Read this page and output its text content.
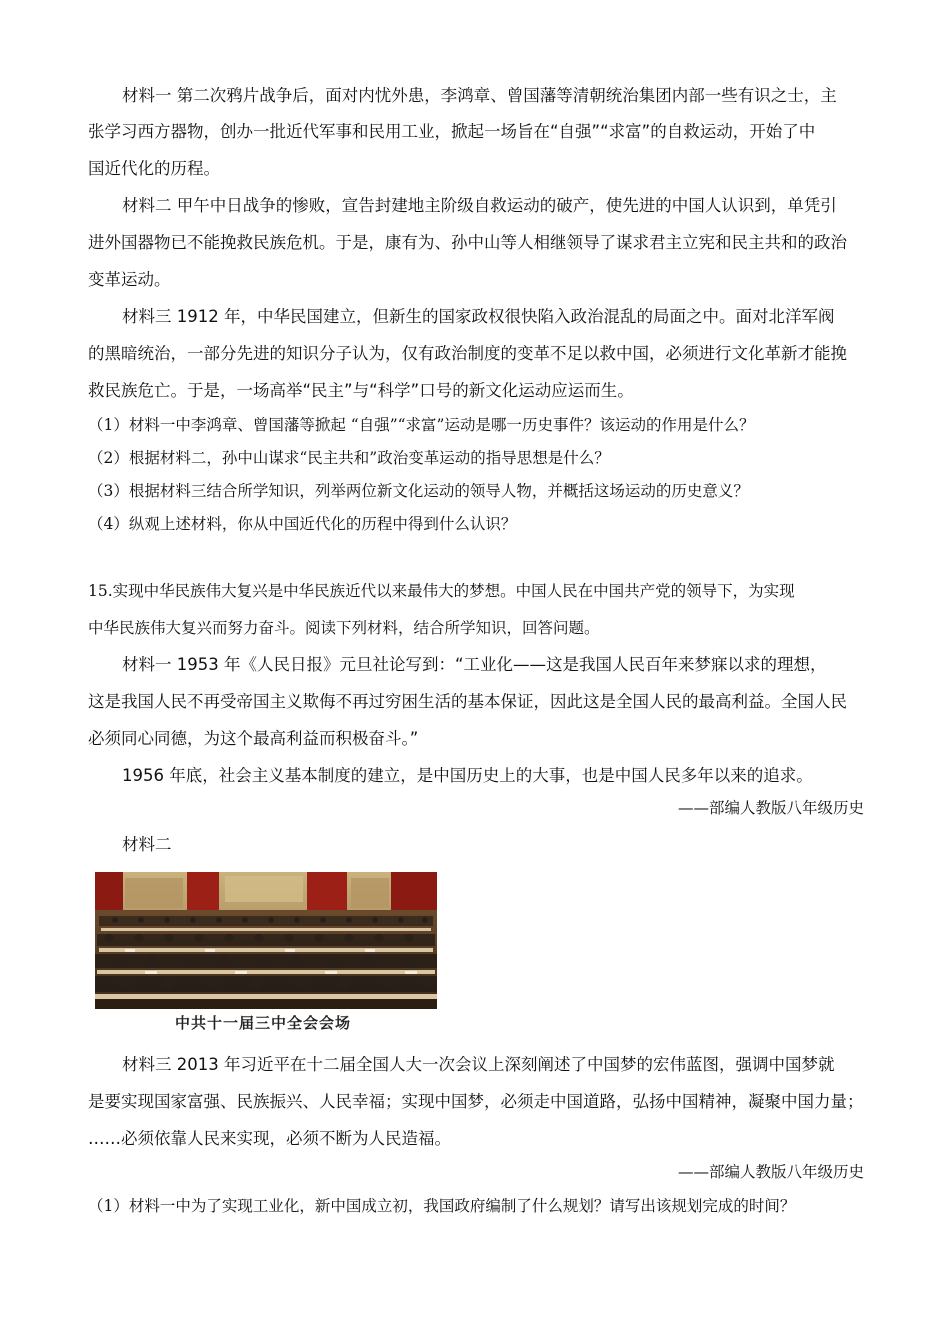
材料一 第二次鸦片战争后，面对内忧外患，李鸿章、曾国藩等清朝统治集团内部一些有识之士，主
张学习西方器物，创办一批近代军事和民用工业，掀起一场旨在“自强”“求富”的自救运动，开始了中
国近代化的历程。
材料二 甲午中日战争的惨败，宣告封建地主阶级自救运动的破产，使先进的中国人认识到，单凭引
进外国器物已不能挽救民族危机。于是，康有为、孙中山等人相继领导了谋求君主立宪和民主共和的政治
变革运动。
材料三 1912 年，中华民国建立，但新生的国家政权很快陷入政治混乱的局面之中。面对北洋军阀
的黑暗统治，一部分先进的知识分子认为，仅有政治制度的变革不足以救中国，必须进行文化革新才能挽
救民族危亡。于是，一场高举“民主”与“科学”口号的新文化运动应运而生。
（1）材料一中李鸿章、曾国藩等掀起 “自强”“求富”运动是哪一历史事件？该运动的作用是什么？
（2）根据材料二，孙中山谋求“民主共和”政治变革运动的指导思想是什么？
（3）根据材料三结合所学知识，列举两位新文化运动的领导人物，并概括这场运动的历史意义？
（4）纵观上述材料，你从中国近代化的历程中得到什么认识？
15.实现中华民族伟大复兴是中华民族近代以来最伟大的梦想。中国人民在中国共产党的领导下，为实现
中华民族伟大复兴而努力奋斗。阅读下列材料，结合所学知识，回答问题。
材料一 1953 年《人民日报》元旦社论写到：“工业化——这是我国人民百年来梦寐以求的理想，
这是我国人民不再受帝国主义欺侮不再过穷困生活的基本保证，因此这是全国人民的最高利益。全国人民
必须同心同德，为这个最高利益而积极奋斗。”
1956 年底，社会主义基本制度的建立，是中国历史上的大事，也是中国人民多年以来的追求。
——部编人教版八年级历史
材料二
中共十一届三中全会会场
材料三 2013 年习近平在十二届全国人大一次会议上深刻阐述了中国梦的宏伟蓝图，强调中国梦就
是要实现国家富强、民族振兴、人民幸福；实现中国梦，必须走中国道路，弘扬中国精神，凝聚中国力量；
……必须依靠人民来实现，必须不断为人民造福。
——部编人教版八年级历史
（1）材料一中为了实现工业化，新中国成立初，我国政府编制了什么规划？请写出该规划完成的时间？
